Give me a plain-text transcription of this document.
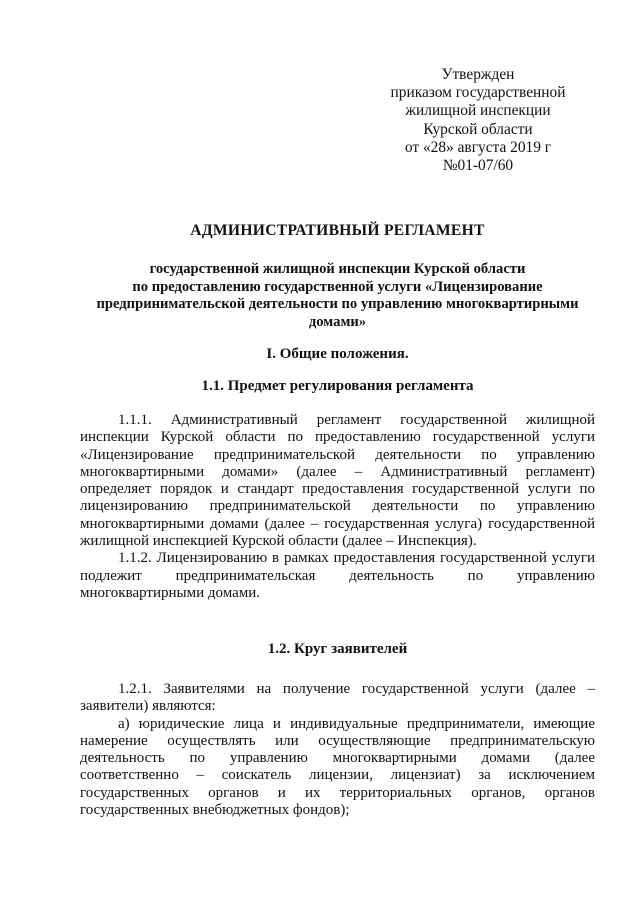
Утвержден
приказом государственной
жилищной инспекции
Курской области
от «28» августа 2019 г
№01-07/60
АДМИНИСТРАТИВНЫЙ РЕГЛАМЕНТ
государственной жилищной инспекции Курской области
по предоставлению государственной услуги «Лицензирование
предпринимательской деятельности по управлению многоквартирными
домами»
I. Общие положения.
1.1. Предмет регулирования регламента
1.1.1. Административный регламент государственной жилищной
инспекции Курской области по предоставлению государственной услуги
«Лицензирование предпринимательской деятельности по управлению
многоквартирными домами» (далее – Административный регламент)
определяет порядок и стандарт предоставления государственной услуги по
лицензированию предпринимательской деятельности по управлению
многоквартирными домами (далее – государственная услуга) государственной
жилищной инспекцией Курской области (далее – Инспекция).
1.1.2. Лицензированию в рамках предоставления государственной услуги
подлежит предпринимательская деятельность по управлению
многоквартирными домами.
1.2. Круг заявителей
1.2.1. Заявителями на получение государственной услуги (далее –
заявители) являются:
а) юридические лица и индивидуальные предприниматели, имеющие
намерение осуществлять или осуществляющие предпринимательскую
деятельность по управлению многоквартирными домами (далее
соответственно – соискатель лицензии, лицензиат) за исключением
государственных органов и их территориальных органов, органов
государственных внебюджетных фондов);
